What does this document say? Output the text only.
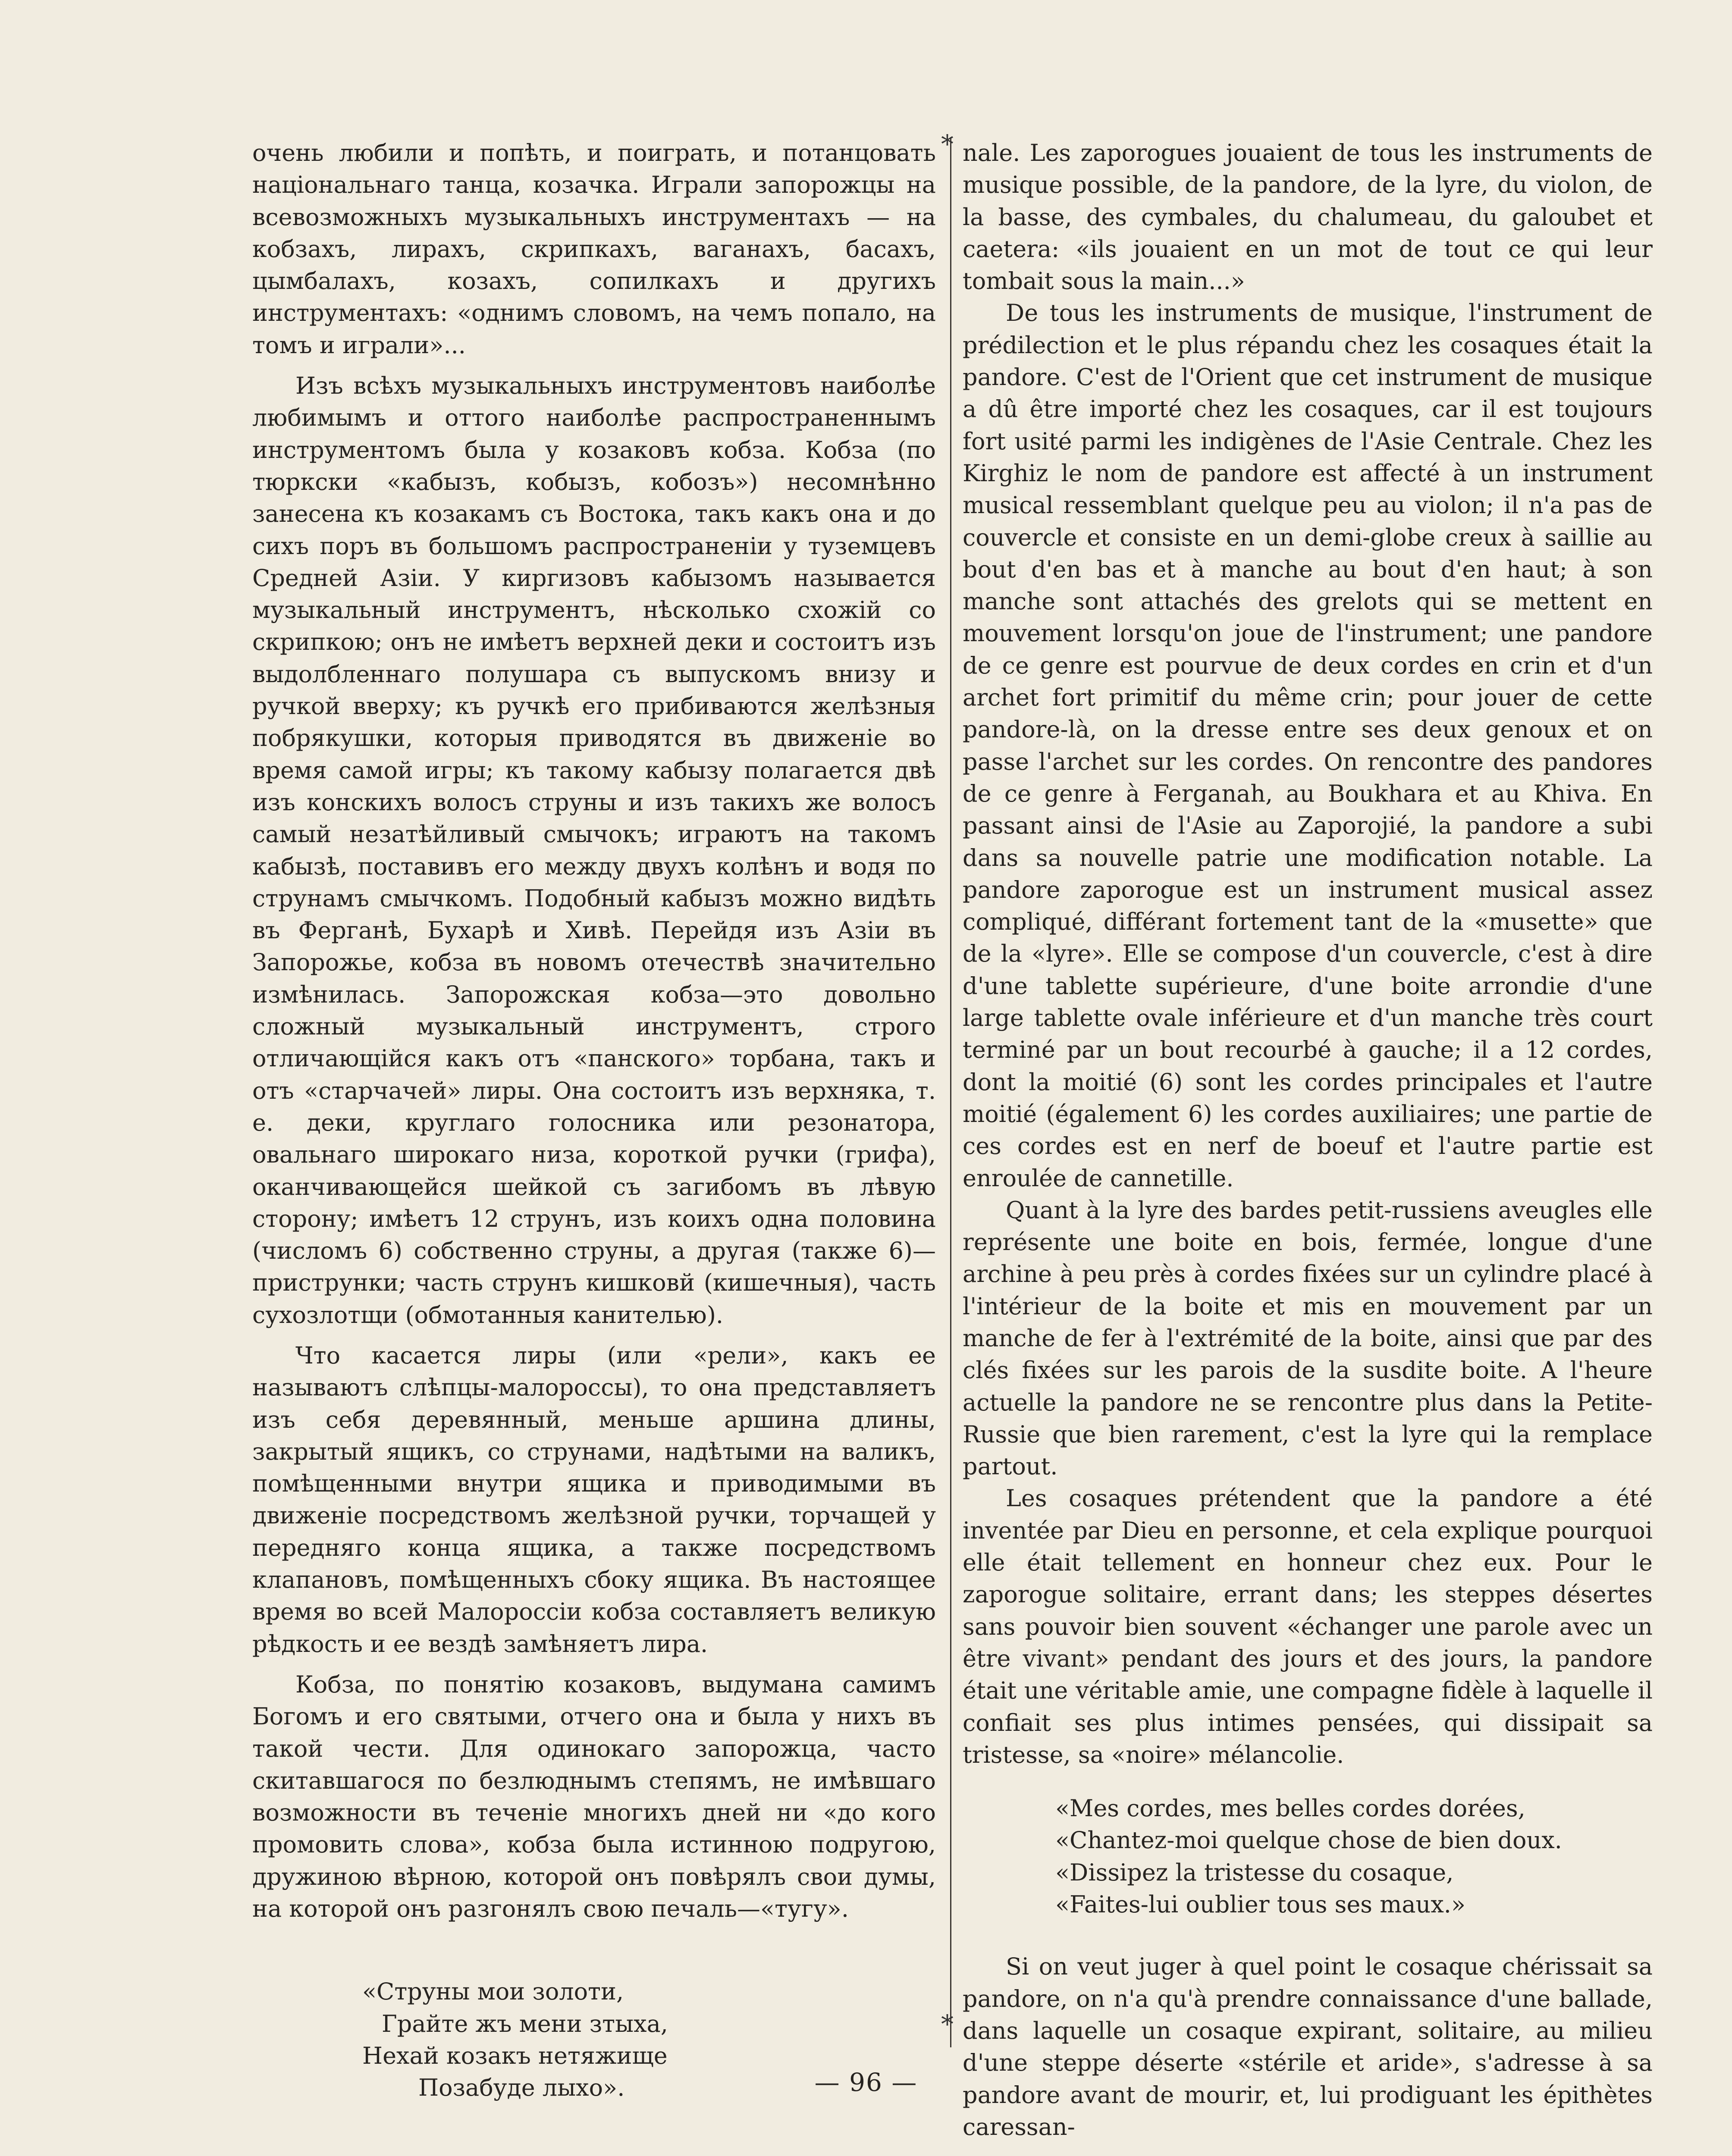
*
*

очень любили и попѣть, и поиграть, и потанцовать національнаго танца, козачка. Играли запорожцы на всевозможныхъ музыкальныхъ инструментахъ — на кобзахъ, лирахъ, скрипкахъ, ваганахъ, басахъ, цымбалахъ, козахъ, сопилкахъ и другихъ инструментахъ: «однимъ словомъ, на чемъ попало, на томъ и играли»...

Изъ всѣхъ музыкальныхъ инструментовъ наиболѣе любимымъ и оттого наиболѣе распространеннымъ инструментомъ была у козаковъ кобза. Кобза (по тюркски «кабызъ, кобызъ, кобозъ») несомнѣнно занесена къ козакамъ съ Востока, такъ какъ она и до сихъ поръ въ большомъ распространеніи у туземцевъ Средней Азіи. У киргизовъ кабызомъ называется музыкальный инструментъ, нѣсколько схожій со скрипкою; онъ не имѣетъ верхней деки и состоитъ изъ выдолбленнаго полушара съ выпускомъ внизу и ручкой вверху; къ ручкѣ его прибиваются желѣзныя побрякушки, которыя приводятся въ движеніе во время самой игры; къ такому кабызу полагается двѣ изъ конскихъ волосъ струны и изъ такихъ же волосъ самый незатѣйливый смычокъ; играютъ на такомъ кабызѣ, поставивъ его между двухъ колѣнъ и водя по струнамъ смычкомъ. Подобный кабызъ можно видѣть въ Ферганѣ, Бухарѣ и Хивѣ. Перейдя изъ Азіи въ Запорожье, кобза въ новомъ отечествѣ значительно измѣнилась. Запорожская кобза—это довольно сложный музыкальный инструментъ, строго отличающійся какъ отъ «панского» торбана, такъ и отъ «старчачей» лиры. Она состоитъ изъ верхняка, т. е. деки, круглаго голосника или резонатора, овальнаго широкаго низа, короткой ручки (грифа), оканчивающейся шейкой съ загибомъ въ лѣвую сторону; имѣетъ 12 струнъ, изъ коихъ одна половина (числомъ 6) собственно струны, а другая (также 6)—приструнки; часть струнъ кишковй (кишечныя), часть сухозлотщи (обмотанныя канителью).

Что касается лиры (или «рели», какъ ее называютъ слѣпцы-малороссы), то она представляетъ изъ себя деревянный, меньше аршина длины, закрытый ящикъ, со струнами, надѣтыми на валикъ, помѣщенными внутри ящика и приводимыми въ движеніе посредствомъ желѣзной ручки, торчащей у передняго конца ящика, а также посредствомъ клапановъ, помѣщенныхъ сбоку ящика. Въ настоящее время во всей Малороссіи кобза составляетъ великую рѣдкость и ее вездѣ замѣняетъ лира.

Кобза, по понятію козаковъ, выдумана самимъ Богомъ и его святыми, отчего она и была у нихъ въ такой чести. Для одинокаго запорожца, часто скитавшагося по безлюднымъ степямъ, не имѣвшаго возможности въ теченіе многихъ дней ни «до кого промовить слова», кобза была истинною подругою, дружиною вѣрною, которой онъ повѣрялъ свои думы, на которой онъ разгонялъ свою печаль—«тугу».

«Струны мои золоти,
Грайте жъ мени зтыха,
Нехай козакъ нетяжище
Позабуде лыхо».

nale. Les zaporogues jouaient de tous les instruments de musique possible, de la pandore, de la lyre, du violon, de la basse, des cymbales, du chalumeau, du galoubet et caetera: «ils jouaient en un mot de tout ce qui leur tombait sous la main...»

De tous les instruments de musique, l'instrument de prédilection et le plus répandu chez les cosaques était la pandore. C'est de l'Orient que cet instrument de musique a dû être importé chez les cosaques, car il est toujours fort usité parmi les indigènes de l'Asie Centrale. Chez les Kirghiz le nom de pandore est affecté à un instrument musical ressemblant quelque peu au violon; il n'a pas de couvercle et consiste en un demi-globe creux à saillie au bout d'en bas et à manche au bout d'en haut; à son manche sont attachés des grelots qui se mettent en mouvement lorsqu'on joue de l'instrument; une pandore de ce genre est pourvue de deux cordes en crin et d'un archet fort primitif du même crin; pour jouer de cette pandore-là, on la dresse entre ses deux genoux et on passe l'archet sur les cordes. On rencontre des pandores de ce genre à Ferganah, au Boukhara et au Khiva. En passant ainsi de l'Asie au Zaporojié, la pandore a subi dans sa nouvelle patrie une modification notable. La pandore zaporogue est un instrument musical assez compliqué, différant fortement tant de la «musette» que de la «lyre». Elle se compose d'un couvercle, c'est à dire d'une tablette supérieure, d'une boite arrondie d'une large tablette ovale inférieure et d'un manche très court terminé par un bout recourbé à gauche; il a 12 cordes, dont la moitié (6) sont les cordes principales et l'autre moitié (également 6) les cordes auxiliaires; une partie de ces cordes est en nerf de boeuf et l'autre partie est enroulée de cannetille.

Quant à la lyre des bardes petit-russiens aveugles elle représente une boite en bois, fermée, longue d'une archine à peu près à cordes fixées sur un cylindre placé à l'intérieur de la boite et mis en mouvement par un manche de fer à l'extrémité de la boite, ainsi que par des clés fixées sur les parois de la susdite boite. A l'heure actuelle la pandore ne se rencontre plus dans la Petite-Russie que bien rarement, c'est la lyre qui la remplace partout.

Les cosaques prétendent que la pandore a été inventée par Dieu en personne, et cela explique pourquoi elle était tellement en honneur chez eux. Pour le zaporogue solitaire, errant dans; les steppes désertes sans pouvoir bien souvent «échanger une parole avec un être vivant» pendant des jours et des jours, la pandore était une véritable amie, une compagne fidèle à laquelle il confiait ses plus intimes pensées, qui dissipait sa tristesse, sa «noire» mélancolie.

«Mes cordes, mes belles cordes dorées,
«Chantez-moi quelque chose de bien doux.
«Dissipez la tristesse du cosaque,
«Faites-lui oublier tous ses maux.»

Si on veut juger à quel point le cosaque chérissait sa pandore, on n'a qu'à prendre connaissance d'une ballade, dans laquelle un cosaque expirant, solitaire, au milieu d'une steppe déserte «stérile et aride», s'adresse à sa pandore avant de mourir, et, lui prodiguant les épithètes caressan-

— 96 —
